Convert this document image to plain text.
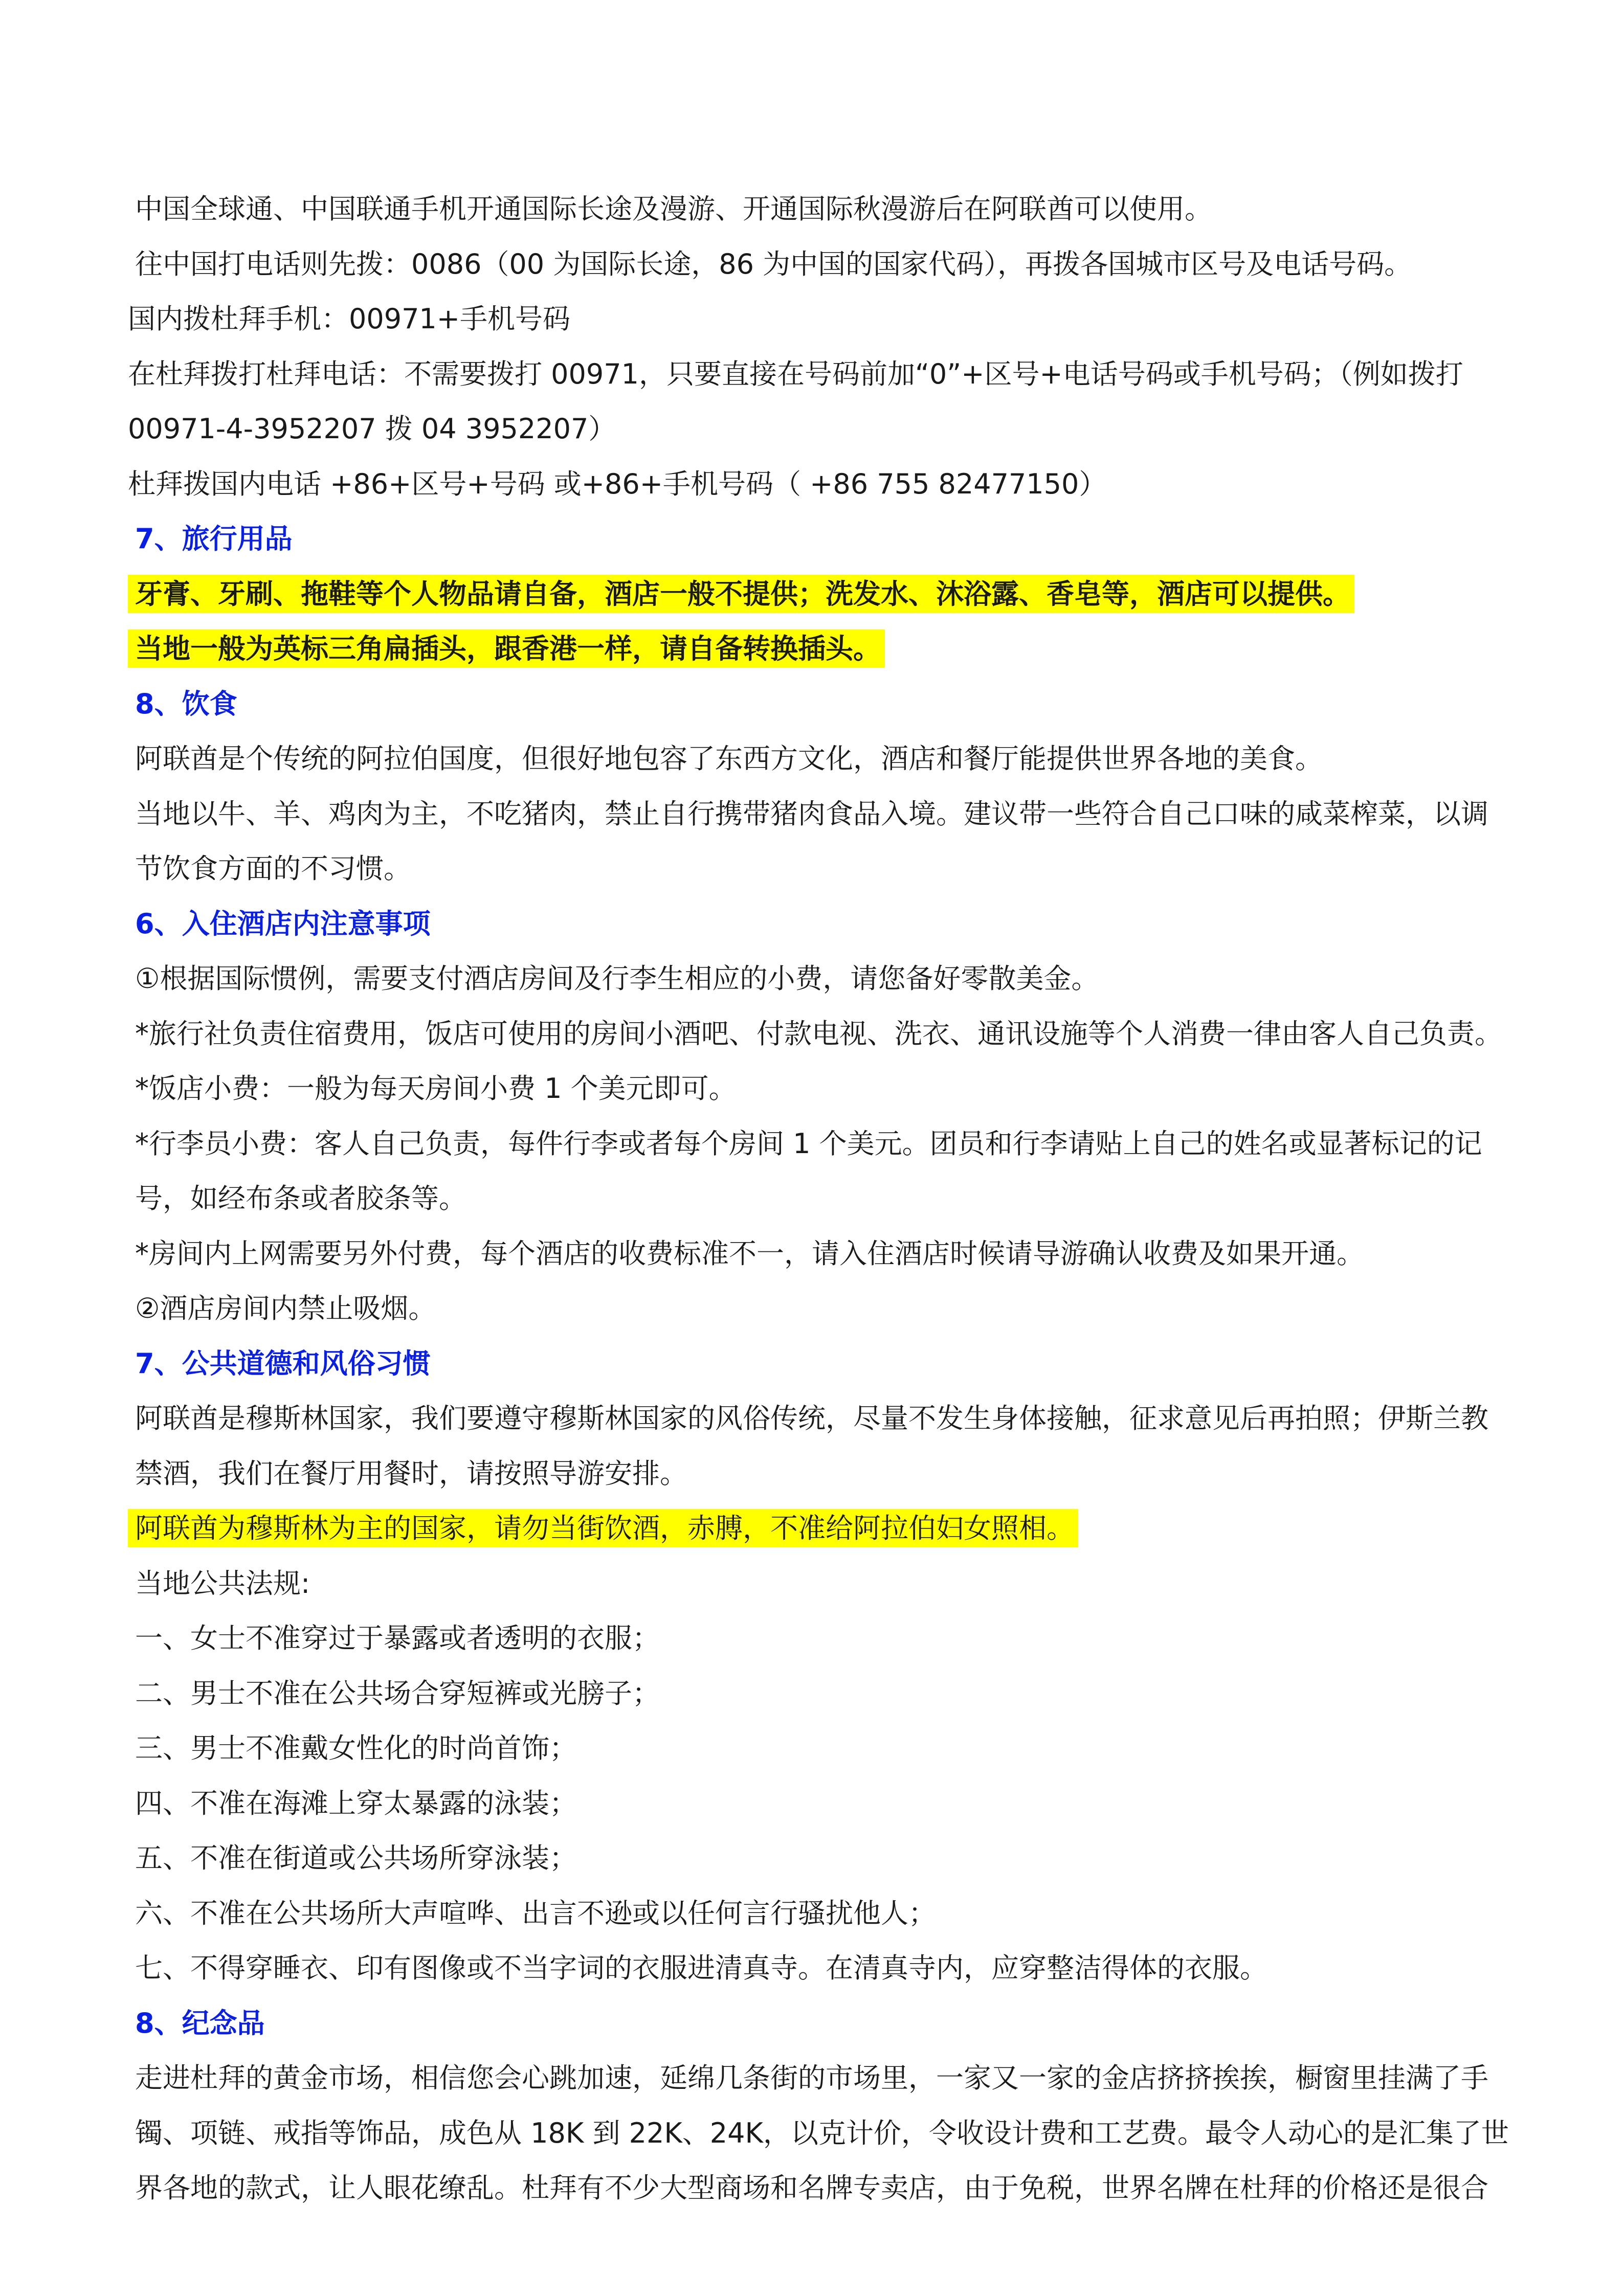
中国全球通、中国联通手机开通国际长途及漫游、开通国际秋漫游后在阿联酋可以使用。
往中国打电话则先拨：0086（00 为国际长途，86 为中国的国家代码），再拨各国城市区号及电话号码。
国内拨杜拜手机：00971+手机号码
在杜拜拨打杜拜电话：不需要拨打 00971，只要直接在号码前加“0”+区号+电话号码或手机号码；（例如拨打
00971-4-3952207 拨 04 3952207）
杜拜拨国内电话 +86+区号+号码 或+86+手机号码（ +86 755 82477150）
7、旅行用品
牙膏、牙刷、拖鞋等个人物品请自备，酒店一般不提供；洗发水、沐浴露、香皂等，酒店可以提供。
当地一般为英标三角扁插头，跟香港一样，请自备转换插头。
8、饮食
阿联酋是个传统的阿拉伯国度，但很好地包容了东西方文化，酒店和餐厅能提供世界各地的美食。
当地以牛、羊、鸡肉为主，不吃猪肉，禁止自行携带猪肉食品入境。建议带一些符合自己口味的咸菜榨菜，以调
节饮食方面的不习惯。
6、入住酒店内注意事项
①根据国际惯例，需要支付酒店房间及行李生相应的小费，请您备好零散美金。
*旅行社负责住宿费用，饭店可使用的房间小酒吧、付款电视、洗衣、通讯设施等个人消费一律由客人自己负责。
*饭店小费：一般为每天房间小费 1 个美元即可。
*行李员小费：客人自己负责，每件行李或者每个房间 1 个美元。团员和行李请贴上自己的姓名或显著标记的记
号，如经布条或者胶条等。
*房间内上网需要另外付费，每个酒店的收费标准不一，请入住酒店时候请导游确认收费及如果开通。
②酒店房间内禁止吸烟。
7、公共道德和风俗习惯
阿联酋是穆斯林国家，我们要遵守穆斯林国家的风俗传统，尽量不发生身体接触，征求意见后再拍照；伊斯兰教
禁酒，我们在餐厅用餐时，请按照导游安排。
阿联酋为穆斯林为主的国家，请勿当街饮酒，赤膊，不准给阿拉伯妇女照相。
当地公共法规:
一、女士不准穿过于暴露或者透明的衣服；
二、男士不准在公共场合穿短裤或光膀子；
三、男士不准戴女性化的时尚首饰；
四、不准在海滩上穿太暴露的泳装；
五、不准在街道或公共场所穿泳装；
六、不准在公共场所大声喧哗、出言不逊或以任何言行骚扰他人；
七、不得穿睡衣、印有图像或不当字词的衣服进清真寺。在清真寺内，应穿整洁得体的衣服。
8、纪念品
走进杜拜的黄金市场，相信您会心跳加速，延绵几条街的市场里，一家又一家的金店挤挤挨挨，橱窗里挂满了手
镯、项链、戒指等饰品，成色从 18K 到 22K、24K，以克计价，令收设计费和工艺费。最令人动心的是汇集了世
界各地的款式，让人眼花缭乱。杜拜有不少大型商场和名牌专卖店，由于免税，世界名牌在杜拜的价格还是很合
